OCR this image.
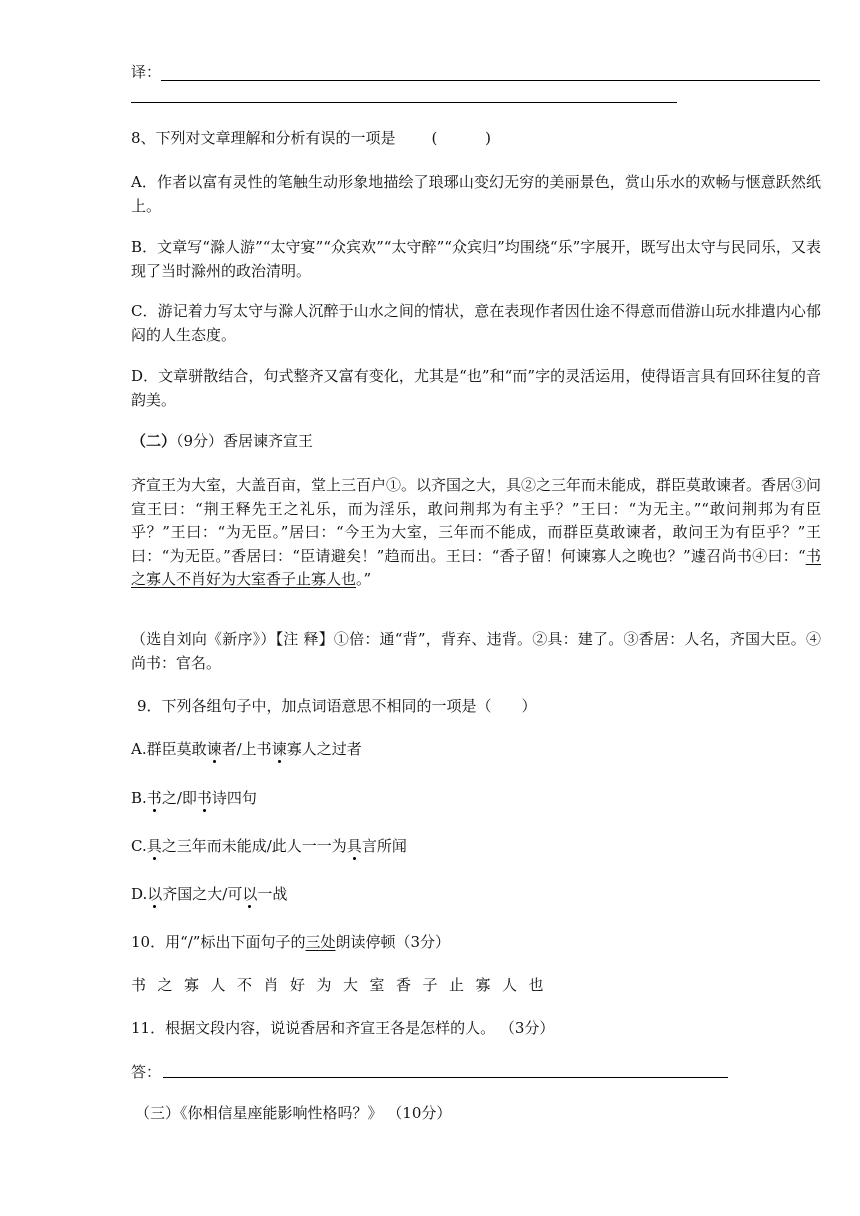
译：
8、下列对文章理解和分析有误的一项是 (          )
A．作者以富有灵性的笔触生动形象地描绘了琅琊山变幻无穷的美丽景色，赏山乐水的欢畅与惬意跃然纸上。
B．文章写“滁人游”“太守宴”“众宾欢”“太守醉”“众宾归”均围绕“乐”字展开，既写出太守与民同乐，又表现了当时滁州的政治清明。
C．游记着力写太守与滁人沉醉于山水之间的情状，意在表现作者因仕途不得意而借游山玩水排遣内心郁闷的人生态度。
D．文章骈散结合，句式整齐又富有变化，尤其是“也”和“而”字的灵活运用，使得语言具有回环往复的音韵美。
（二）（9分）香居谏齐宣王
齐宣王为大室，大盖百亩，堂上三百户①。以齐国之大，具②之三年而未能成，群臣莫敢谏者。香居③问宣王曰：“荆王释先王之礼乐，而为淫乐，敢问荆邦为有主乎？”王曰：“为无主。”“敢问荆邦为有臣乎？”王曰：“为无臣。”居曰：“今王为大室，三年而不能成，而群臣莫敢谏者，敢问王为有臣乎？”王曰：“为无臣。”香居曰：“臣请避矣！”趋而出。王曰：“香子留！何谏寡人之晚也？”遽召尚书④曰：“书之寡人不肖好为大室香子止寡人也。”
（选自刘向《新序》）【注 释】①倍：通“背”，背弃、违背。②具：建了。③香居：人名，齐国大臣。④ 尚书：官名。
9．下列各组句子中，加点词语意思不相同的一项是（　　）
A.群臣莫敢谏者/上书谏寡人之过者
B.书之/即书诗四句
C.具之三年而未能成/此人一一为具言所闻
D.以齐国之大/可以一战
10．用“/”标出下面句子的三处朗读停顿（3分）
书之寡人不肖好为大室香子止寡人也
11．根据文段内容，说说香居和齐宣王各是怎样的人。 （3分）
答：
（三）《你相信星座能影响性格吗？》 （10分）
